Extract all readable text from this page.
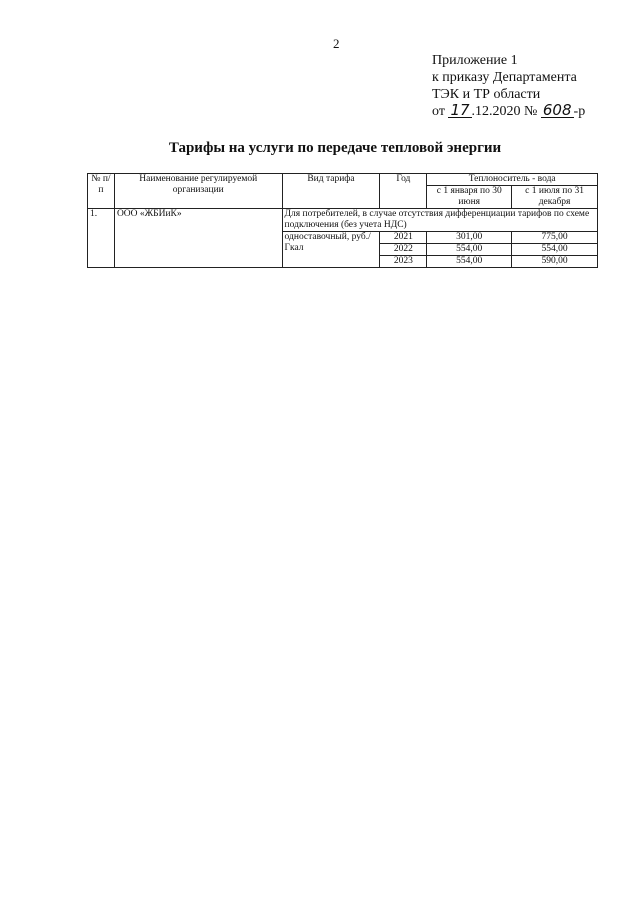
2
Приложение 1
к приказу Департамента
ТЭК и ТР области
от 17 .12.2020 № 608 -р
Тарифы на услуги по передаче тепловой энергии
№ п/п	Наименование регулируемой организации	Вид тарифа	Год	Теплоноситель - вода	
				с 1 января по 30 июня	с 1 июля по 31 декабря
1.	ООО «ЖБИиК»	Для потребителей, в случае отсутствия дифференциации тарифов по схеме подключения (без учета НДС)			
		одноставочный, руб./Гкал	2021	301,00	775,00
			2022	554,00	554,00
			2023	554,00	590,00
